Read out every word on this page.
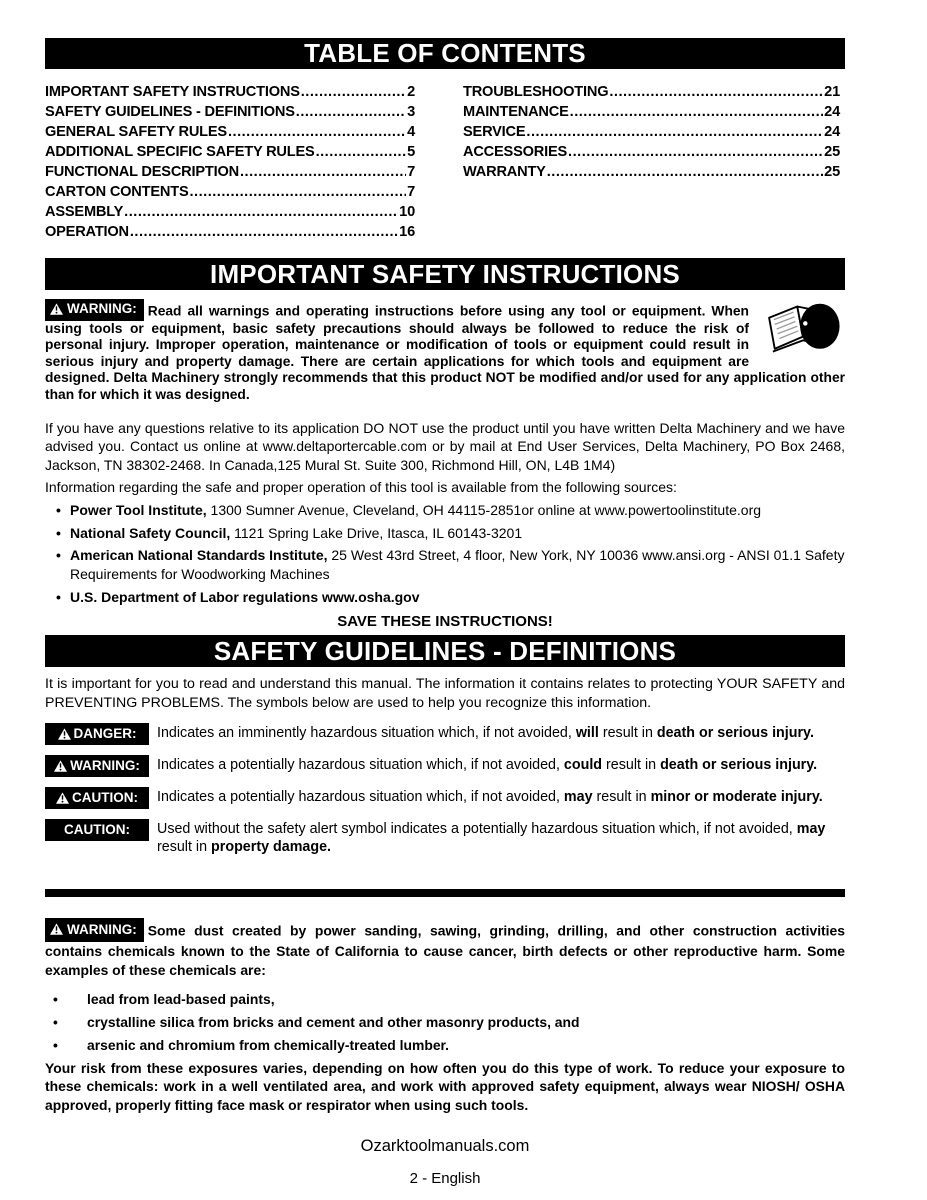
TABLE OF CONTENTS
IMPORTANT SAFETY INSTRUCTIONS .....	2
SAFETY GUIDELINES - DEFINITIONS .....	3
GENERAL SAFETY RULES .....	4
ADDITIONAL SPECIFIC SAFETY RULES .....	5
FUNCTIONAL DESCRIPTION .....	7
CARTON CONTENTS .....	7
ASSEMBLY .....	10
OPERATION .....	16
TROUBLESHOOTING .....	21
MAINTENANCE .....	24
SERVICE .....	24
ACCESSORIES .....	25
WARRANTY .....	25
IMPORTANT SAFETY INSTRUCTIONS

WARNING: Read all warnings and operating instructions before using any tool or equipment. When using tools or equipment, basic safety precautions should always be followed to reduce the risk of personal injury. Improper operation, maintenance or modification of tools or equipment could result in serious injury and property damage. There are certain applications for which tools and equipment are designed. Delta Machinery strongly recommends that this product NOT be modified and/or used for any application other than for which it was designed.

If you have any questions relative to its application DO NOT use the product until you have written Delta Machinery and we have advised you. Contact us online at www.deltaportercable.com or by mail at End User Services, Delta Machinery, PO Box 2468, Jackson, TN 38302-2468. In Canada,125 Mural St. Suite 300, Richmond Hill, ON, L4B 1M4)

Information regarding the safe and proper operation of this tool is available from the following sources:

• Power Tool Institute, 1300 Sumner Avenue, Cleveland, OH 44115-2851or online at www.powertoolinstitute.org
• National Safety Council, 1121 Spring Lake Drive, Itasca, IL 60143-3201
• American National Standards Institute, 25 West 43rd Street, 4 floor, New York, NY 10036 www.ansi.org - ANSI 01.1 Safety Requirements for Woodworking Machines
• U.S. Department of Labor regulations www.osha.gov
SAVE THESE INSTRUCTIONS!
SAFETY GUIDELINES - DEFINITIONS

It is important for you to read and understand this manual. The information it contains relates to protecting YOUR SAFETY and PREVENTING PROBLEMS. The symbols below are used to help you recognize this information.

DANGER: Indicates an imminently hazardous situation which, if not avoided, will result in death or serious injury.

WARNING: Indicates a potentially hazardous situation which, if not avoided, could result in death or serious injury.

CAUTION: Indicates a potentially hazardous situation which, if not avoided, may result in minor or moderate injury.

CAUTION: Used without the safety alert symbol indicates a potentially hazardous situation which, if not avoided, may result in property damage.

WARNING: Some dust created by power sanding, sawing, grinding, drilling, and other construction activities contains chemicals known to the State of California to cause cancer, birth defects or other reproductive harm. Some examples of these chemicals are:

• lead from lead-based paints,
• crystalline silica from bricks and cement and other masonry products, and
• arsenic and chromium from chemically-treated lumber.

Your risk from these exposures varies, depending on how often you do this type of work. To reduce your exposure to these chemicals: work in a well ventilated area, and work with approved safety equipment, always wear NIOSH/ OSHA approved, properly fitting face mask or respirator when using such tools.

Ozarktoolmanuals.com
2 - English
